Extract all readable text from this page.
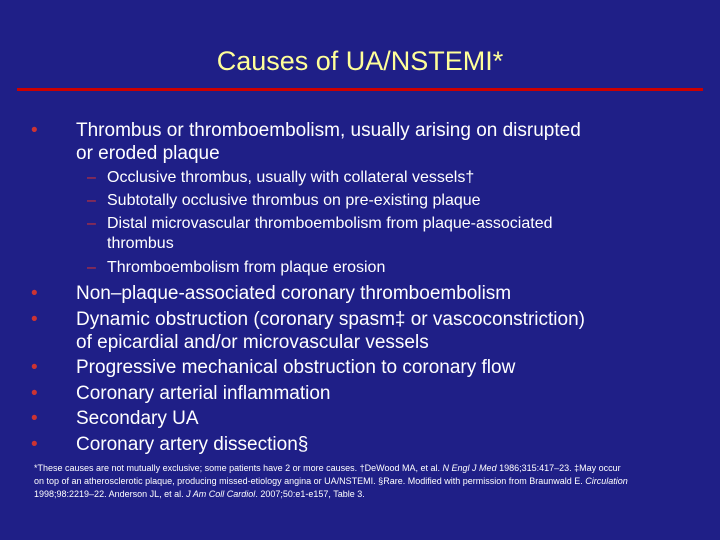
Causes of UA/NSTEMI*
•	Thrombus or thromboembolism, usually arising on disrupted
or eroded plaque
– Occlusive thrombus, usually with collateral vessels†
– Subtotally occlusive thrombus on pre-existing plaque
– Distal microvascular thromboembolism from plaque-associated
thrombus
– Thromboembolism from plaque erosion
•	Non–plaque-associated coronary thromboembolism
•	Dynamic obstruction (coronary spasm‡ or vascoconstriction)
of epicardial and/or microvascular vessels
•	Progressive mechanical obstruction to coronary flow
•	Coronary arterial inflammation
•	Secondary UA
•	Coronary artery dissection§
*These causes are not mutually exclusive; some patients have 2 or more causes. †DeWood MA, et al. N Engl J Med 1986;315:417–23. ‡May occur
on top of an atherosclerotic plaque, producing missed-etiology angina or UA/NSTEMI. §Rare. Modified with permission from Braunwald E. Circulation
1998;98:2219–22. Anderson JL, et al. J Am Coll Cardiol. 2007;50:e1-e157, Table 3.
